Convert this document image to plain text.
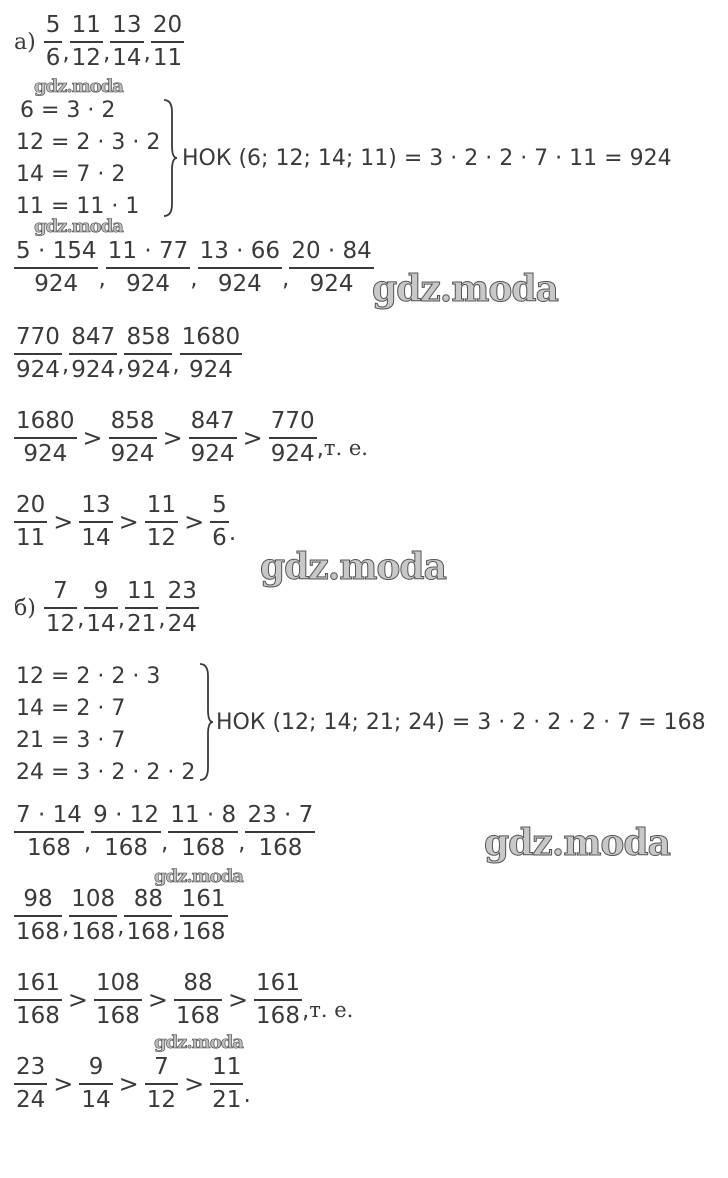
$а) \frac{5}{6}$ , $\frac{11}{12}$ , $\frac{13}{14}$ , $\frac{20}{11}$
gdz.moda
6 = 3 · 2
12 = 2 · 3 · 2
14 = 7 · 2
11 = 11 · 1
НОК (6; 12; 14; 11) = 3 · 2 · 2 · 7 · 11 = 924
gdz.moda
$\frac{5 \cdot 154}{924}$ , $\frac{11 \cdot 77}{924}$ , $\frac{13 \cdot 66}{924}$ , $\frac{20 \cdot 84}{924}$
gdz.moda
$\frac{770}{924}$ , $\frac{847}{924}$ , $\frac{858}{924}$ , $\frac{1680}{924}$
$\frac{1680}{924} > \frac{858}{924} > \frac{847}{924} > \frac{770}{924}$ , т. е.
$\frac{20}{11} > \frac{13}{14} > \frac{11}{12} > \frac{5}{6}$ .
gdz.moda
$б) \frac{7}{12}$ , $\frac{9}{14}$ , $\frac{11}{21}$ , $\frac{23}{24}$
12 = 2 · 2 · 3
14 = 2 · 7
21 = 3 · 7
24 = 3 · 2 · 2 · 2
НОК (12; 14; 21; 24) = 3 · 2 · 2 · 2 · 7 = 168
$\frac{7 \cdot 14}{168}$ , $\frac{9 \cdot 12}{168}$ , $\frac{11 \cdot 8}{168}$ , $\frac{23 \cdot 7}{168}$	gdz.moda
gdz.moda
$\frac{98}{168}$ , $\frac{108}{168}$ , $\frac{88}{168}$ , $\frac{161}{168}$
$\frac{161}{168} > \frac{108}{168} > \frac{88}{168} > \frac{161}{168}$ , т. е.
gdz.moda
$\frac{23}{24} > \frac{9}{14} > \frac{7}{12} > \frac{11}{21}$ .
